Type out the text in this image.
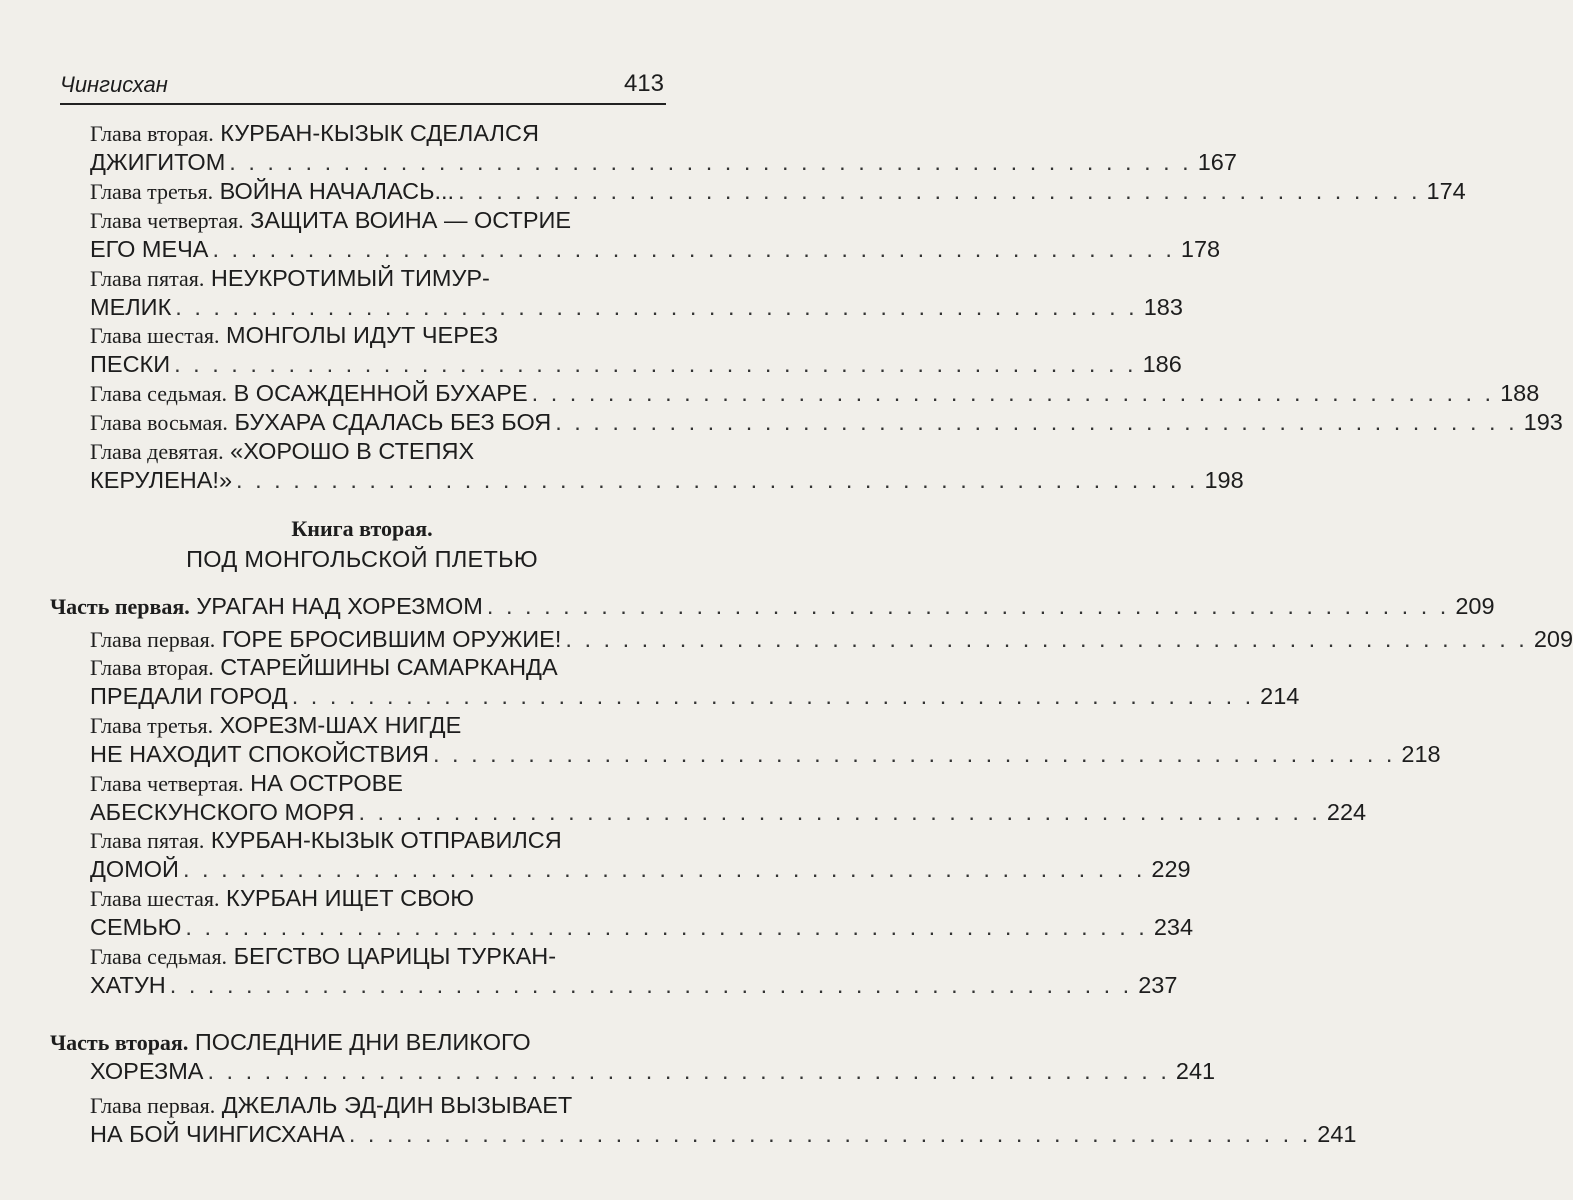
Чингисхан	413
Глава вторая. КУРБАН-КЫЗЫК СДЕЛАЛСЯ
ДЖИГИТОМ . . . . . . . . . . . . . . . . . . . . . . . . . . . . . . . . . . . . . . . . . . . . . . . . . . . 167
Глава третья. ВОЙНА НАЧАЛАСЬ... . . . . . . . . . . . . . . . . . . . . . . . . . . . . . . . . . . . . . . . . . . . . . . . . . . . 174
Глава четвертая. ЗАЩИТА ВОИНА — ОСТРИЕ
ЕГО МЕЧА . . . . . . . . . . . . . . . . . . . . . . . . . . . . . . . . . . . . . . . . . . . . . . . . . . . 178
Глава пятая. НЕУКРОТИМЫЙ ТИМУР-
МЕЛИК . . . . . . . . . . . . . . . . . . . . . . . . . . . . . . . . . . . . . . . . . . . . . . . . . . . 183
Глава шестая. МОНГОЛЫ ИДУТ ЧЕРЕЗ
ПЕСКИ . . . . . . . . . . . . . . . . . . . . . . . . . . . . . . . . . . . . . . . . . . . . . . . . . . . 186
Глава седьмая. В ОСАЖДЕННОЙ БУХАРЕ . . . . . . . . . . . . . . . . . . . . . . . . . . . . . . . . . . . . . . . . . . . . . . . . . . . 188
Глава восьмая. БУХАРА СДАЛАСЬ БЕЗ БОЯ . . . . . . . . . . . . . . . . . . . . . . . . . . . . . . . . . . . . . . . . . . . . . . . . . . . 193
Глава девятая. «ХОРОШО В СТЕПЯХ
КЕРУЛЕНА!» . . . . . . . . . . . . . . . . . . . . . . . . . . . . . . . . . . . . . . . . . . . . . . . . . . . 198
Книга вторая.
ПОД МОНГОЛЬСКОЙ ПЛЕТЬЮ
Часть первая. УРАГАН НАД ХОРЕЗМОМ . . . . . . . . . . . . . . . . . . . . . . . . . . . . . . . . . . . . . . . . . . . . . . . . . . . 209
Глава первая. ГОРЕ БРОСИВШИМ ОРУЖИЕ! . . . . . . . . . . . . . . . . . . . . . . . . . . . . . . . . . . . . . . . . . . . . . . . . . . . 209
Глава вторая. СТАРЕЙШИНЫ САМАРКАНДА
ПРЕДАЛИ ГОРОД . . . . . . . . . . . . . . . . . . . . . . . . . . . . . . . . . . . . . . . . . . . . . . . . . . . 214
Глава третья. ХОРЕЗМ-ШАХ НИГДЕ
НЕ НАХОДИТ СПОКОЙСТВИЯ . . . . . . . . . . . . . . . . . . . . . . . . . . . . . . . . . . . . . . . . . . . . . . . . . . . 218
Глава четвертая. НА ОСТРОВЕ
АБЕСКУНСКОГО МОРЯ . . . . . . . . . . . . . . . . . . . . . . . . . . . . . . . . . . . . . . . . . . . . . . . . . . . 224
Глава пятая. КУРБАН-КЫЗЫК ОТПРАВИЛСЯ
ДОМОЙ . . . . . . . . . . . . . . . . . . . . . . . . . . . . . . . . . . . . . . . . . . . . . . . . . . . 229
Глава шестая. КУРБАН ИЩЕТ СВОЮ
СЕМЬЮ . . . . . . . . . . . . . . . . . . . . . . . . . . . . . . . . . . . . . . . . . . . . . . . . . . . 234
Глава седьмая. БЕГСТВО ЦАРИЦЫ ТУРКАН-
ХАТУН . . . . . . . . . . . . . . . . . . . . . . . . . . . . . . . . . . . . . . . . . . . . . . . . . . . 237
Часть вторая. ПОСЛЕДНИЕ ДНИ ВЕЛИКОГО
ХОРЕЗМА . . . . . . . . . . . . . . . . . . . . . . . . . . . . . . . . . . . . . . . . . . . . . . . . . . . 241
Глава первая. ДЖЕЛАЛЬ ЭД-ДИН ВЫЗЫВАЕТ
НА БОЙ ЧИНГИСХАНА . . . . . . . . . . . . . . . . . . . . . . . . . . . . . . . . . . . . . . . . . . . . . . . . . . . 241
